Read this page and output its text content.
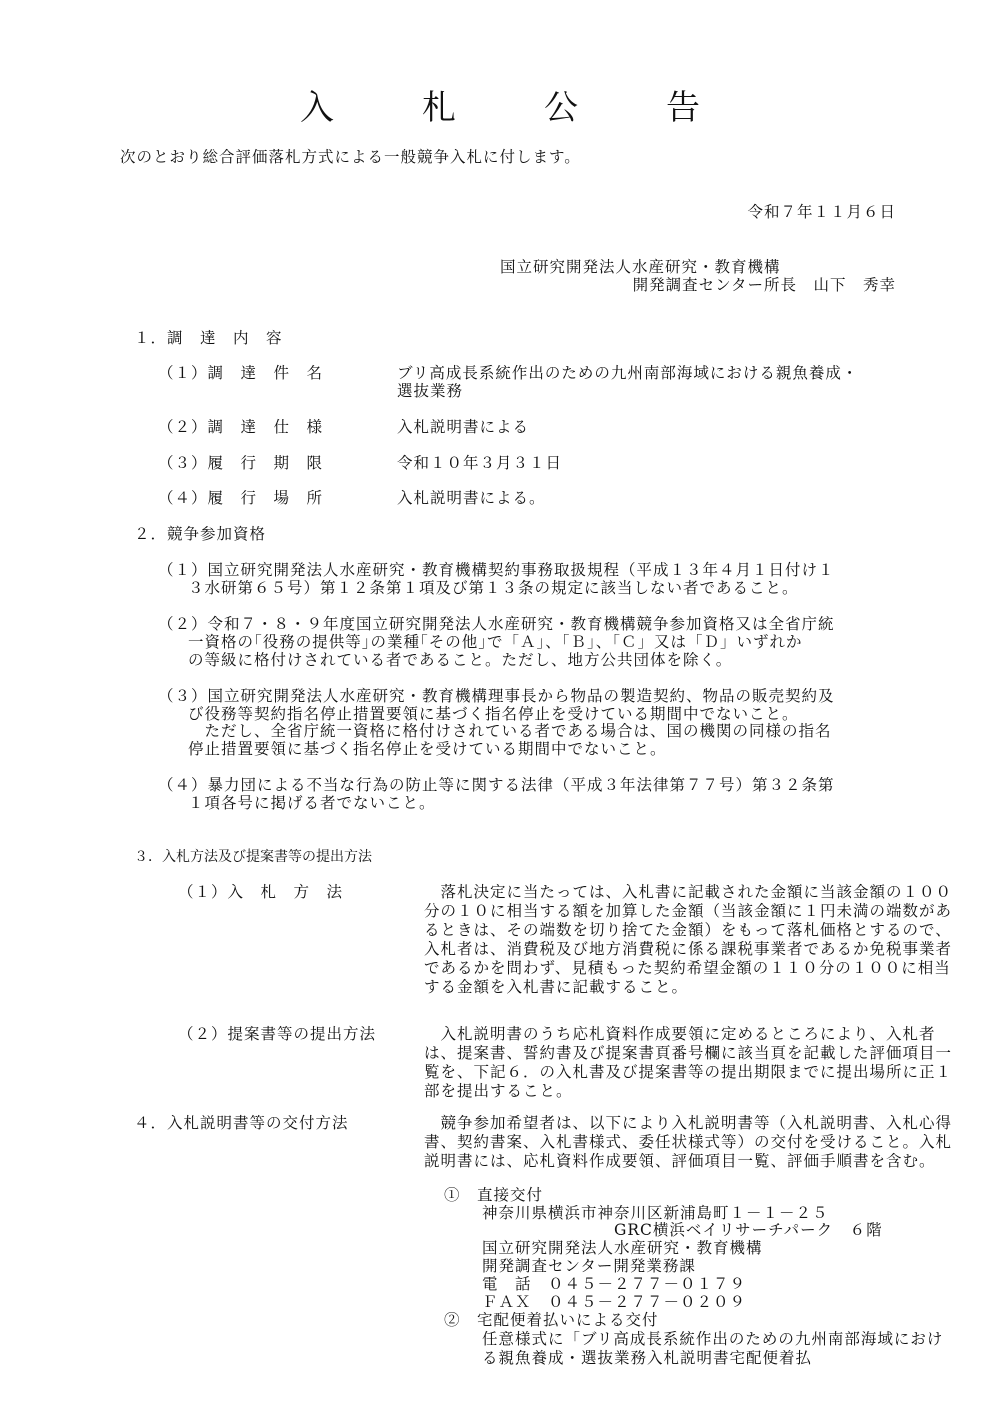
入	札	公	告
次のとおり総合評価落札方式による一般競争入札に付します。
令和７年１１月６日
国立研究開発法人水産研究・教育機構
開発調査センター所長　山下　秀幸
１．調　達　内　容
（１）調　達　件　名	ブリ高成長系統作出のための九州南部海域における親魚養成・
選抜業務
（２）調　達　仕　様	入札説明書による
（３）履　行　期　限	令和１０年３月３１日
（４）履　行　場　所	入札説明書による。
２．競争参加資格
（１）国立研究開発法人水産研究・教育機構契約事務取扱規程（平成１３年４月１日付け１
３水研第６５号）第１２条第１項及び第１３条の規定に該当しない者であること。
（２）令和７・８・９年度国立研究開発法人水産研究・教育機構競争参加資格又は全省庁統
一資格の｢役務の提供等｣の業種｢その他｣で「Ａ」、「Ｂ」、「Ｃ」又は「Ｄ」いずれか
の等級に格付けされている者であること。ただし、地方公共団体を除く。
（３）国立研究開発法人水産研究・教育機構理事長から物品の製造契約、物品の販売契約及
び役務等契約指名停止措置要領に基づく指名停止を受けている期間中でないこと。
　ただし、全省庁統一資格に格付けされている者である場合は、国の機関の同様の指名
停止措置要領に基づく指名停止を受けている期間中でないこと。
（４）暴力団による不当な行為の防止等に関する法律（平成３年法律第７７号）第３２条第
１項各号に掲げる者でないこと。
３．入札方法及び提案書等の提出方法
（１）入　札　方　法	　落札決定に当たっては、入札書に記載された金額に当該金額の１００分の１０に相当する額を加算した金額（当該金額に１円未満の端数があるときは、その端数を切り捨てた金額）をもって落札価格とするので、入札者は、消費税及び地方消費税に係る課税事業者であるか免税事業者であるかを問わず、見積もった契約希望金額の１１０分の１００に相当する金額を入札書に記載すること。
（２）提案書等の提出方法	　入札説明書のうち応札資料作成要領に定めるところにより、入札者は、提案書、誓約書及び提案書頁番号欄に該当頁を記載した評価項目一覧を、下記６．の入札書及び提案書等の提出期限までに提出場所に正１部を提出すること。
４．入札説明書等の交付方法	　競争参加希望者は、以下により入札説明書等（入札説明書、入札心得書、契約書案、入札書様式、委任状様式等）の交付を受けること。入札説明書には、応札資料作成要領、評価項目一覧、評価手順書を含む。
①　直接交付
神奈川県横浜市神奈川区新浦島町１－１－２５
GRC横浜ベイリサーチパーク　６階
国立研究開発法人水産研究・教育機構
開発調査センター開発業務課
電　話　０４５－２７７－０１７９
ＦＡＸ　０４５－２７７－０２０９
②　宅配便着払いによる交付
任意様式に「ブリ高成長系統作出のための九州南部海域における親魚養成・選抜業務入札説明書宅配便着払
